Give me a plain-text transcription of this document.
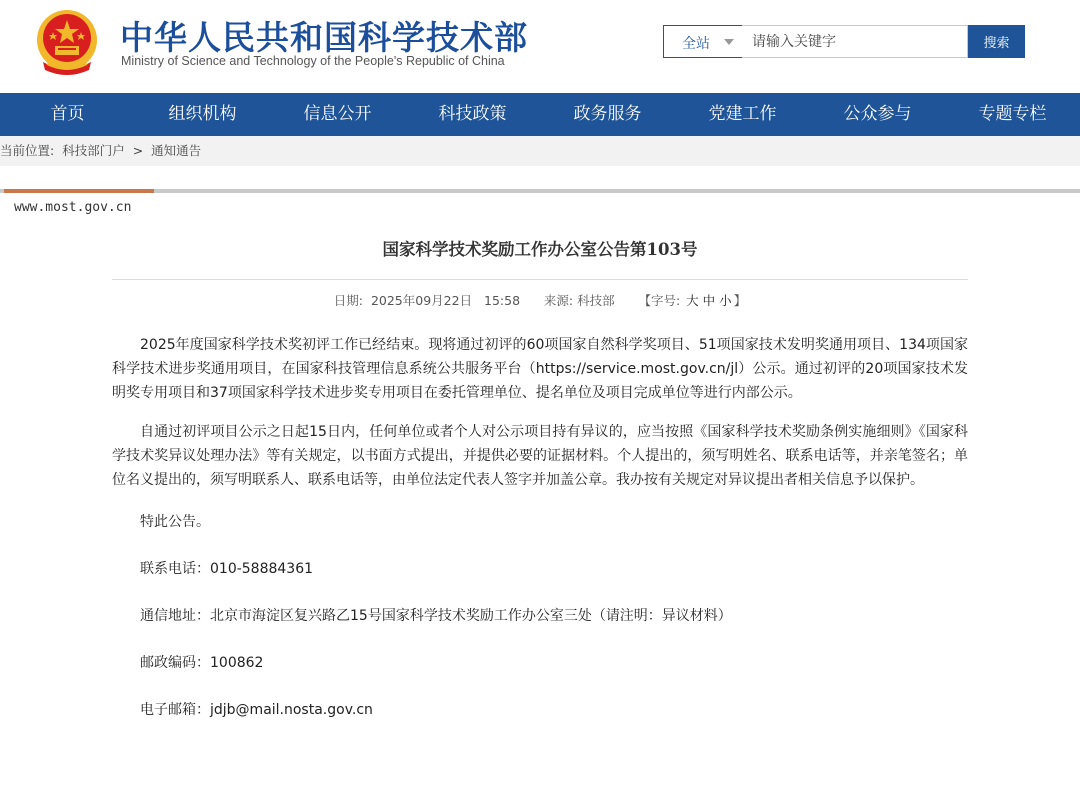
中华人民共和国科学技术部
Ministry of Science and Technology of the People's Republic of China
全站
请输入关键字	搜索
首页	组织机构	信息公开	科技政策	政务服务	党建工作	公众参与	专题专栏
当前位置: 科技部门户 > 通知通告
www.most.gov.cn
国家科学技术奖励工作办公室公告第103号
日期: 2025年09月22日 15:58 来源: 科技部 【字号: 大 中 小 】

2025年度国家科学技术奖初评工作已经结束。现将通过初评的60项国家自然科学奖项目、51项国家技术发明奖通用项目、134项国家科学技术进步奖通用项目，在国家科技管理信息系统公共服务平台（https://service.most.gov.cn/jl）公示。通过初评的20项国家技术发明奖专用项目和37项国家科学技术进步奖专用项目在委托管理单位、提名单位及项目完成单位等进行内部公示。

自通过初评项目公示之日起15日内，任何单位或者个人对公示项目持有异议的，应当按照《国家科学技术奖励条例实施细则》《国家科学技术奖异议处理办法》等有关规定，以书面方式提出，并提供必要的证据材料。个人提出的，须写明姓名、联系电话等，并亲笔签名；单位名义提出的，须写明联系人、联系电话等，由单位法定代表人签字并加盖公章。我办按有关规定对异议提出者相关信息予以保护。

特此公告。

联系电话：010-58884361

通信地址：北京市海淀区复兴路乙15号国家科学技术奖励工作办公室三处（请注明：异议材料）

邮政编码：100862

电子邮箱：jdjb@mail.nosta.gov.cn
